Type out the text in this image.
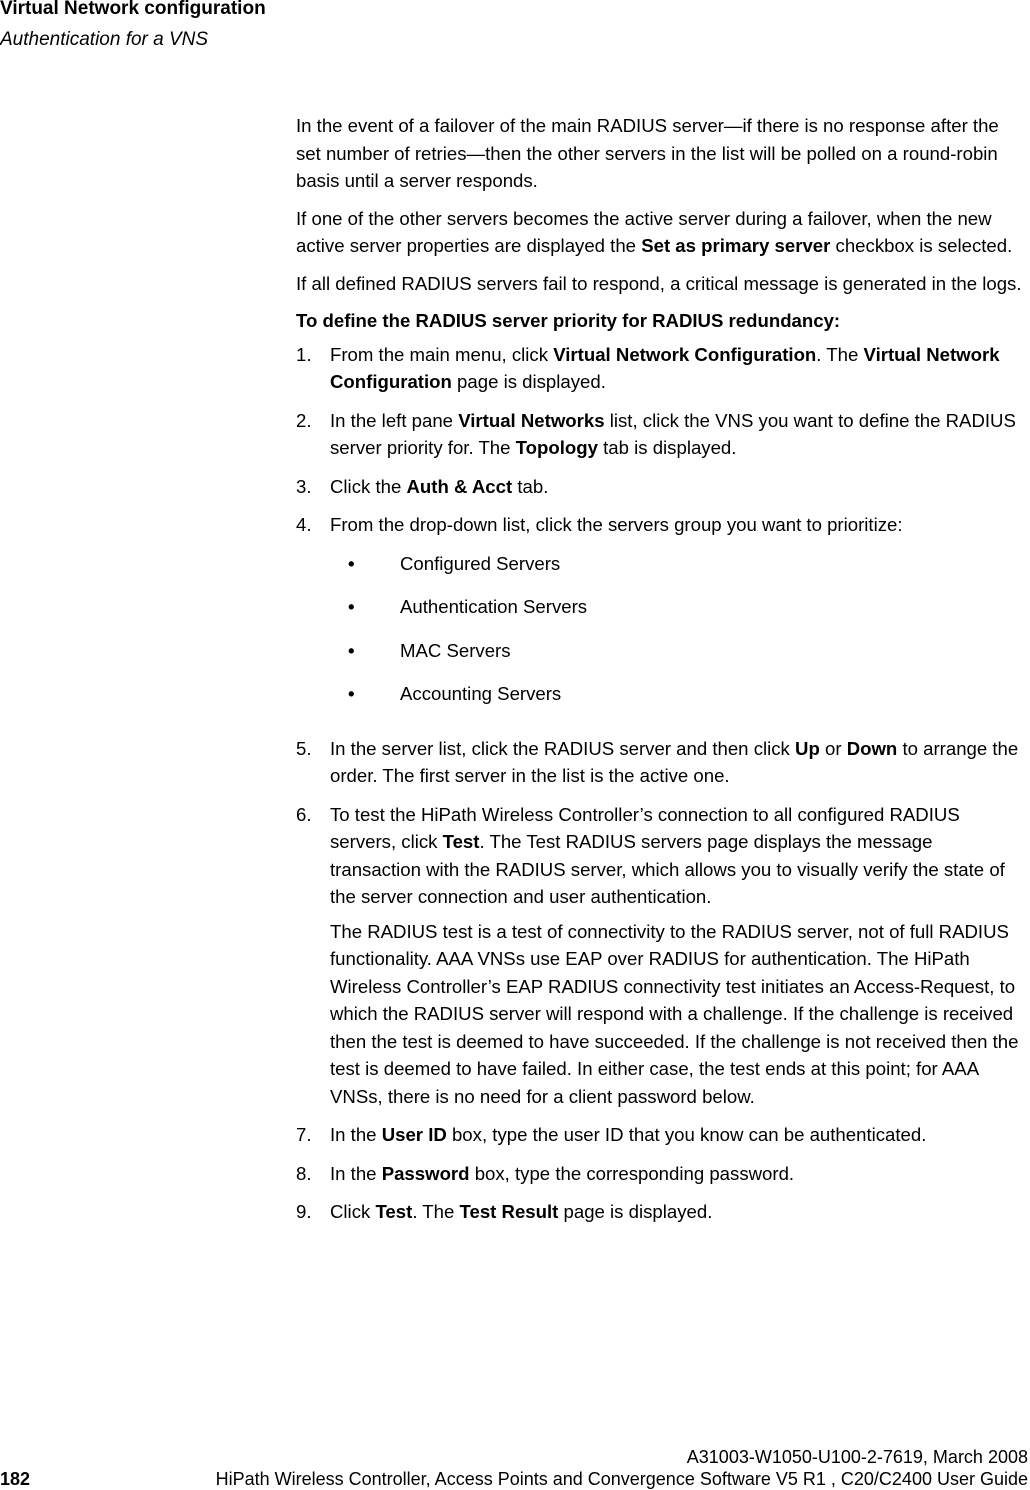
Virtual Network configuration
Authentication for a VNS

In the event of a failover of the main RADIUS server—if there is no response after the set number of retries—then the other servers in the list will be polled on a round-robin basis until a server responds.

If one of the other servers becomes the active server during a failover, when the new active server properties are displayed the Set as primary server checkbox is selected.

If all defined RADIUS servers fail to respond, a critical message is generated in the logs.

To define the RADIUS server priority for RADIUS redundancy:

1. From the main menu, click Virtual Network Configuration. The Virtual Network Configuration page is displayed.
2. In the left pane Virtual Networks list, click the VNS you want to define the RADIUS server priority for. The Topology tab is displayed.
3. Click the Auth & Acct tab.
4. From the drop-down list, click the servers group you want to prioritize:
• Configured Servers
• Authentication Servers
• MAC Servers
• Accounting Servers
5. In the server list, click the RADIUS server and then click Up or Down to arrange the order. The first server in the list is the active one.
6. To test the HiPath Wireless Controller’s connection to all configured RADIUS servers, click Test. The Test RADIUS servers page displays the message transaction with the RADIUS server, which allows you to visually verify the state of the server connection and user authentication.

The RADIUS test is a test of connectivity to the RADIUS server, not of full RADIUS functionality. AAA VNSs use EAP over RADIUS for authentication. The HiPath Wireless Controller’s EAP RADIUS connectivity test initiates an Access-Request, to which the RADIUS server will respond with a challenge. If the challenge is received then the test is deemed to have succeeded. If the challenge is not received then the test is deemed to have failed. In either case, the test ends at this point; for AAA VNSs, there is no need for a client password below.

7. In the User ID box, type the user ID that you know can be authenticated.
8. In the Password box, type the corresponding password.
9. Click Test. The Test Result page is displayed.
A31003-W1050-U100-2-7619, March 2008
182	HiPath Wireless Controller, Access Points and Convergence Software V5 R1 , C20/C2400 User Guide
